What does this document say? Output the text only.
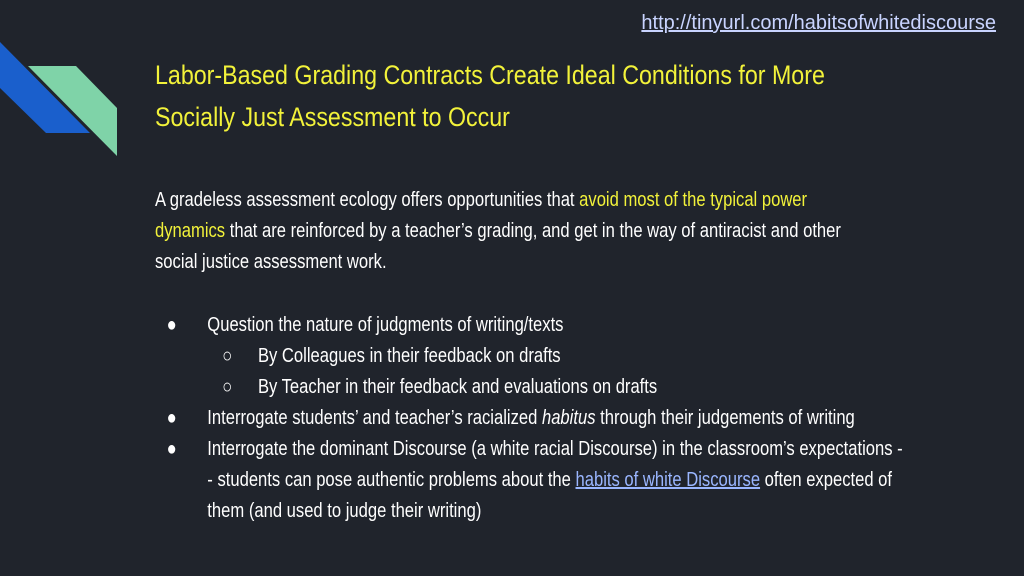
http://tinyurl.com/habitsofwhitediscourse
Labor-Based Grading Contracts Create Ideal Conditions for More
Socially Just Assessment to Occur
A gradeless assessment ecology offers opportunities that avoid most of the typical power dynamics that are reinforced by a teacher’s grading, and get in the way of antiracist and other social justice assessment work.
● Question the nature of judgments of writing/texts
○ By Colleagues in their feedback on drafts
○ By Teacher in their feedback and evaluations on drafts
● Interrogate students’ and teacher’s racialized habitus through their judgements of writing
● Interrogate the dominant Discourse (a white racial Discourse) in the classroom’s expectations -- students can pose authentic problems about the habits of white Discourse often expected of them (and used to judge their writing)
